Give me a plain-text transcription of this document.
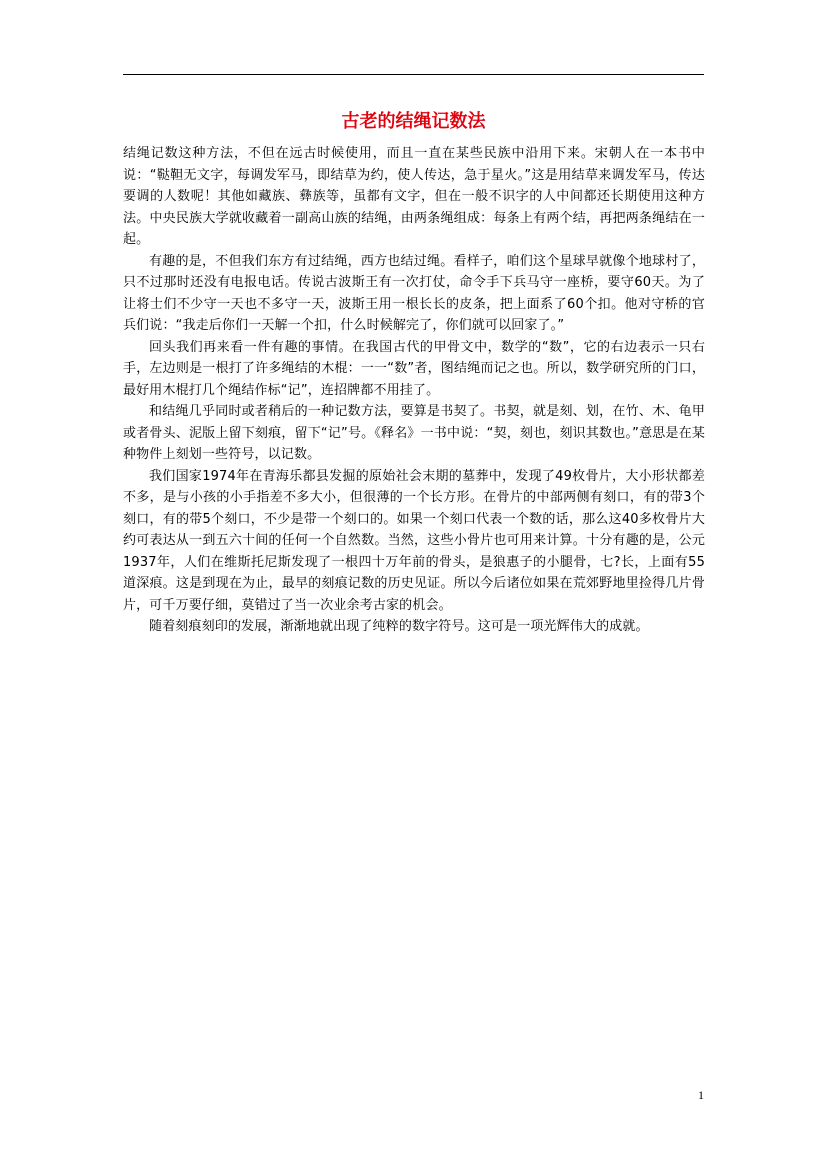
古老的结绳记数法

结绳记数这种方法，不但在远古时候使用，而且一直在某些民族中沿用下来。宋朝人在一本书中说：“鞑靼无文字，每调发军马，即结草为约，使人传达，急于星火。”这是用结草来调发军马，传达要调的人数呢！其他如藏族、彝族等，虽都有文字，但在一般不识字的人中间都还长期使用这种方法。中央民族大学就收藏着一副高山族的结绳，由两条绳组成：每条上有两个结，再把两条绳结在一起。

有趣的是，不但我们东方有过结绳，西方也结过绳。看样子，咱们这个星球早就像个地球村了，只不过那时还没有电报电话。传说古波斯王有一次打仗，命令手下兵马守一座桥，要守60天。为了让将士们不少守一天也不多守一天，波斯王用一根长长的皮条，把上面系了60个扣。他对守桥的官兵们说：“我走后你们一天解一个扣，什么时候解完了，你们就可以回家了。”

回头我们再来看一件有趣的事情。在我国古代的甲骨文中，数学的“数”，它的右边表示一只右手，左边则是一根打了许多绳结的木棍：一一“数”者，图结绳而记之也。所以，数学研究所的门口，最好用木棍打几个绳结作标“记”，连招牌都不用挂了。

和结绳几乎同时或者稍后的一种记数方法，要算是书契了。书契，就是刻、划，在竹、木、龟甲或者骨头、泥版上留下刻痕，留下“记”号。《释名》一书中说：“契，刻也，刻识其数也。”意思是在某种物件上刻划一些符号，以记数。

我们国家1974年在青海乐都县发掘的原始社会末期的墓葬中，发现了49枚骨片，大小形状都差不多，是与小孩的小手指差不多大小，但很薄的一个长方形。在骨片的中部两侧有刻口，有的带3个刻口，有的带5个刻口，不少是带一个刻口的。如果一个刻口代表一个数的话，那么这40多枚骨片大约可表达从一到五六十间的任何一个自然数。当然，这些小骨片也可用来计算。十分有趣的是，公元1937年，人们在维斯托尼斯发现了一根四十万年前的骨头，是狼惠子的小腿骨，七?长，上面有55道深痕。这是到现在为止，最早的刻痕记数的历史见证。所以今后诸位如果在荒郊野地里捡得几片骨片，可千万要仔细，莫错过了当一次业余考古家的机会。

随着刻痕刻印的发展，渐渐地就出现了纯粹的数字符号。这可是一项光辉伟大的成就。

1
